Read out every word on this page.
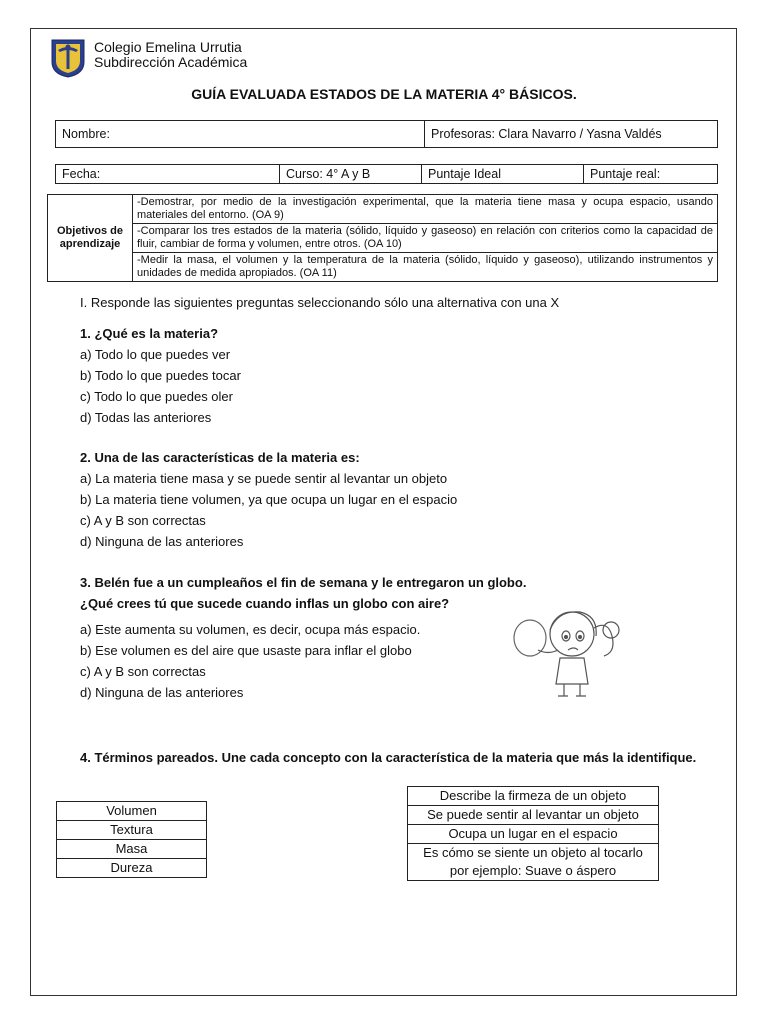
Colegio Emelina Urrutia
Subdirección Académica
GUÍA EVALUADA ESTADOS DE LA MATERIA 4° BÁSICOS.
Nombre:	Profesoras: Clara Navarro / Yasna Valdés
Fecha:	Curso: 4° A y B	Puntaje Ideal	Puntaje real:
Objetivos de aprendizaje	-Demostrar, por medio de la investigación experimental, que la materia tiene masa y ocupa espacio, usando materiales del entorno. (OA 9)
-Comparar los tres estados de la materia (sólido, líquido y gaseoso) en relación con criterios como la capacidad de fluir, cambiar de forma y volumen, entre otros. (OA 10)
-Medir la masa, el volumen y la temperatura de la materia (sólido, líquido y gaseoso), utilizando instrumentos y unidades de medida apropiados. (OA 11)
I. Responde las siguientes preguntas seleccionando sólo una alternativa con una X
1. ¿Qué es la materia?
a) Todo lo que puedes ver
b) Todo lo que puedes tocar
c) Todo lo que puedes oler
d) Todas las anteriores
2. Una de las características de la materia es:
a) La materia tiene masa y se puede sentir al levantar un objeto
b) La materia tiene volumen, ya que ocupa un lugar en el espacio
c) A y B son correctas
d) Ninguna de las anteriores
3. Belén fue a un cumpleaños el fin de semana y le entregaron un globo.
¿Qué crees tú que sucede cuando inflas un globo con aire?
a) Este aumenta su volumen, es decir, ocupa más espacio.
b) Ese volumen es del aire que usaste para inflar el globo
c) A y B son correctas
d) Ninguna de las anteriores
4. Términos pareados. Une cada concepto con la característica de la materia que más la identifique.
Volumen
Textura
Masa
Dureza
Describe la firmeza de un objeto
Se puede sentir al levantar un objeto
Ocupa un lugar en el espacio
Es cómo se siente un objeto al tocarlo por ejemplo: Suave o áspero
